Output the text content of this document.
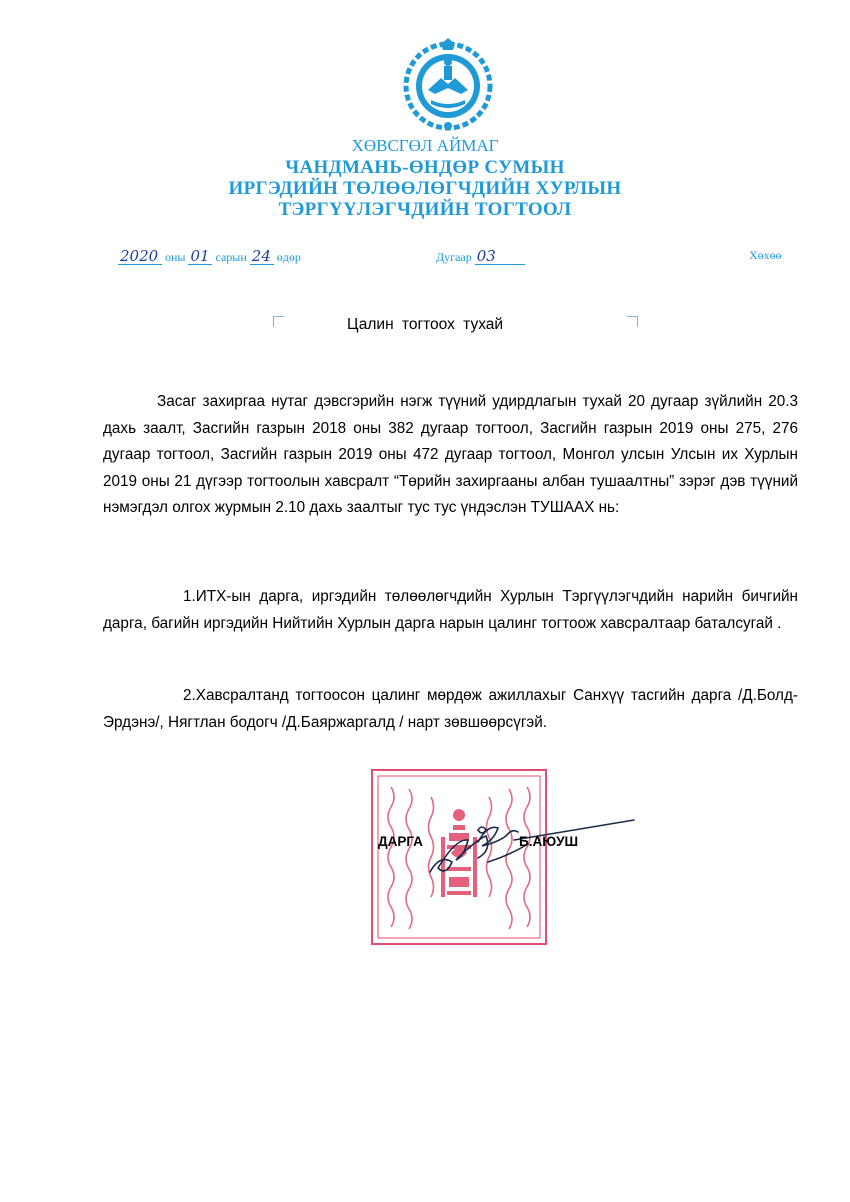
ХӨВСГӨЛ АЙМАГ
ЧАНДМАНЬ-ӨНДӨР СУМЫН
ИРГЭДИЙН ТӨЛӨӨЛӨГЧДИЙН ХУРЛЫН
ТЭРГҮҮЛЭГЧДИЙН ТОГТООЛ
2020 оны 01 сарын 24 өдөр	Дугаар 03	Хөхөө
Цалин тогтоох тухай
Засаг захиргаа нутаг дэвсгэрийн нэгж түүний удирдлагын тухай 20 дугаар зүйлийн 20.3 дахь заалт, Засгийн газрын 2018 оны 382 дугаар тогтоол, Засгийн газрын 2019 оны 275, 276 дугаар тогтоол, Засгийн газрын 2019 оны 472 дугаар тогтоол, Монгол улсын Улсын их Хурлын 2019 оны 21 дүгээр тогтоолын хавсралт “Төрийн захиргааны албан тушаалтны” зэрэг дэв түүний нэмэгдэл олгох журмын 2.10 дахь заалтыг тус тус үндэслэн ТУШААХ нь:
1.ИТХ-ын дарга, иргэдийн төлөөлөгчдийн Хурлын Тэргүүлэгчдийн нарийн бичгийн дарга, багийн иргэдийн Нийтийн Хурлын дарга нарын цалинг тогтоож хавсралтаар баталсугай .
2.Хавсралтанд тогтоосон цалинг мөрдөж ажиллахыг Санхүү тасгийн дарга /Д.Болд-Эрдэнэ/, Нягтлан бодогч /Д.Баяржаргалд / нарт зөвшөөрсүгэй.
ДАРГА	Б.АЮУШ
